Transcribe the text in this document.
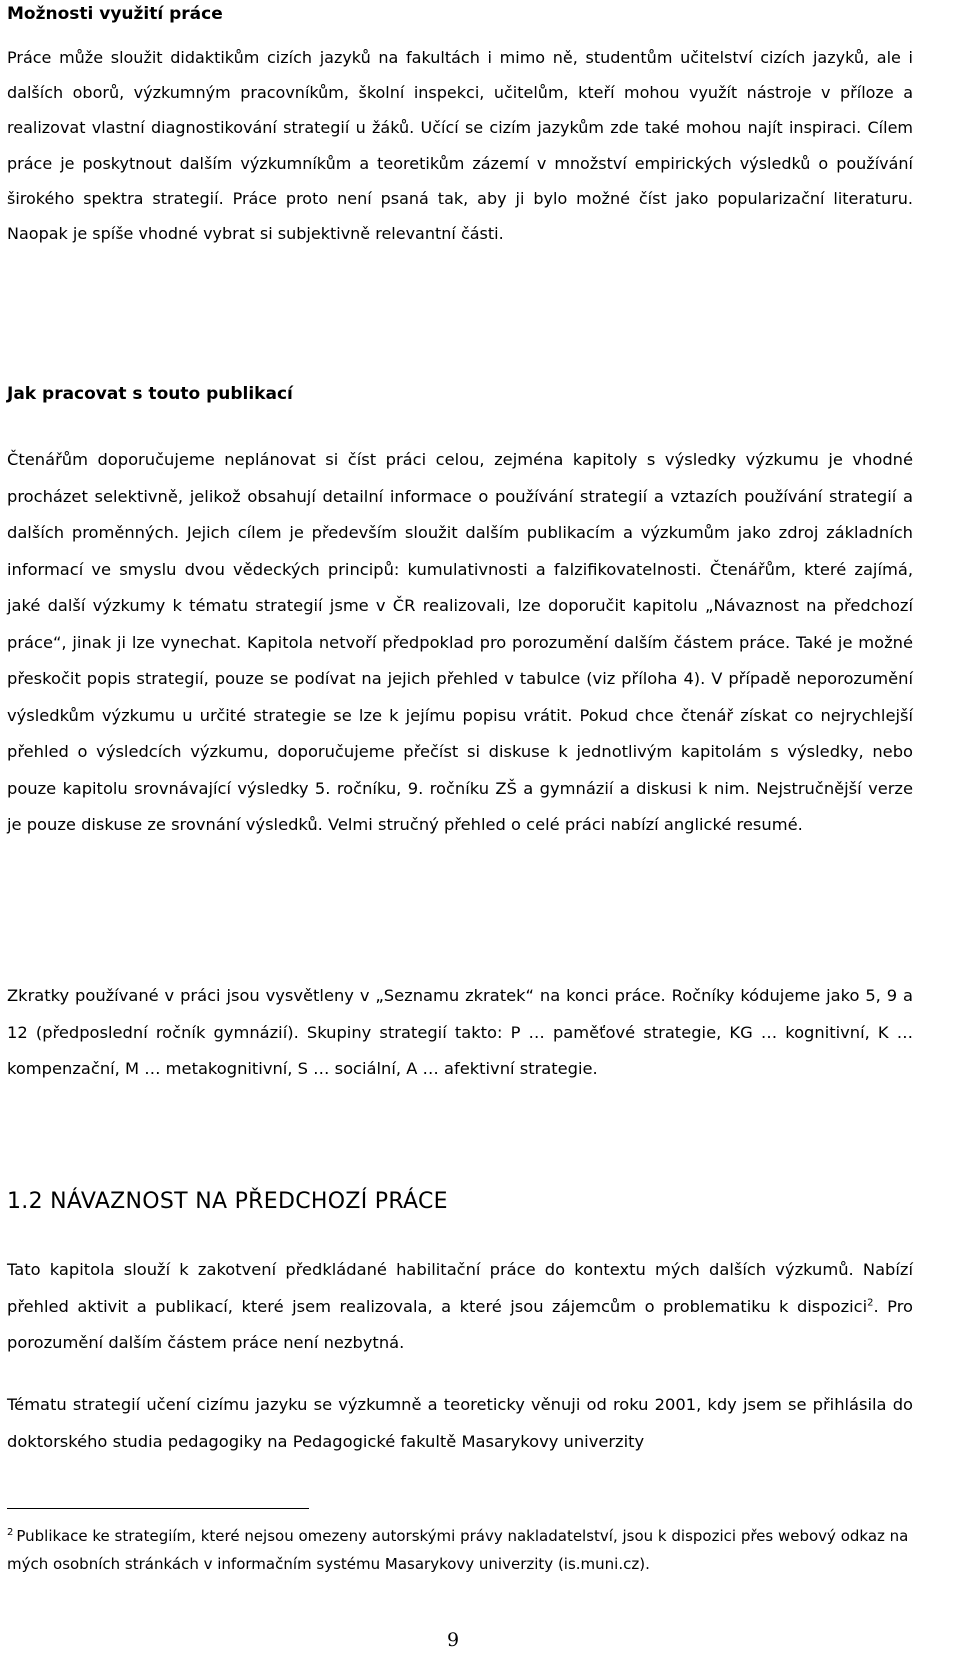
Možnosti využití práce

Práce může sloužit didaktikům cizích jazyků na fakultách i mimo ně, studentům učitelství cizích jazyků, ale i dalších oborů, výzkumným pracovníkům, školní inspekci, učitelům, kteří mohou využít nástroje v příloze a realizovat vlastní diagnostikování strategií u žáků. Učící se cizím jazykům zde také mohou najít inspiraci. Cílem práce je poskytnout dalším výzkumníkům a teoretikům zázemí v množství empirických výsledků o používání širokého spektra strategií. Práce proto není psaná tak, aby ji bylo možné číst jako popularizační literaturu. Naopak je spíše vhodné vybrat si subjektivně relevantní části.

Jak pracovat s touto publikací

Čtenářům doporučujeme neplánovat si číst práci celou, zejména kapitoly s výsledky výzkumu je vhodné procházet selektivně, jelikož obsahují detailní informace o používání strategií a vztazích používání strategií a dalších proměnných. Jejich cílem je především sloužit dalším publikacím a výzkumům jako zdroj základních informací ve smyslu dvou vědeckých principů: kumulativnosti a falzifikovatelnosti. Čtenářům, které zajímá, jaké další výzkumy k tématu strategií jsme v ČR realizovali, lze doporučit kapitolu „Návaznost na předchozí práce“, jinak ji lze vynechat. Kapitola netvoří předpoklad pro porozumění dalším částem práce. Také je možné přeskočit popis strategií, pouze se podívat na jejich přehled v tabulce (viz příloha 4). V případě neporozumění výsledkům výzkumu u určité strategie se lze k jejímu popisu vrátit. Pokud chce čtenář získat co nejrychlejší přehled o výsledcích výzkumu, doporučujeme přečíst si diskuse k jednotlivým kapitolám s výsledky, nebo pouze kapitolu srovnávající výsledky 5. ročníku, 9. ročníku ZŠ a gymnázií a diskusi k nim. Nejstručnější verze je pouze diskuse ze srovnání výsledků. Velmi stručný přehled o celé práci nabízí anglické resumé.

Zkratky používané v práci jsou vysvětleny v „Seznamu zkratek“ na konci práce. Ročníky kódujeme jako 5, 9 a 12 (předposlední ročník gymnázií). Skupiny strategií takto: P … paměťové strategie, KG … kognitivní, K … kompenzační, M … metakognitivní, S … sociální, A … afektivní strategie.

1.2 NÁVAZNOST NA PŘEDCHOZÍ PRÁCE

Tato kapitola slouží k zakotvení předkládané habilitační práce do kontextu mých dalších výzkumů. Nabízí přehled aktivit a publikací, které jsem realizovala, a které jsou zájemcům o problematiku k dispozici$^2$. Pro porozumění dalším částem práce není nezbytná.

Tématu strategií učení cizímu jazyku se výzkumně a teoreticky věnuji od roku 2001, kdy jsem se přihlásila do doktorského studia pedagogiky na Pedagogické fakultě Masarykovy univerzity

$^2$ Publikace ke strategiím, které nejsou omezeny autorskými právy nakladatelství, jsou k dispozici přes webový odkaz na mých osobních stránkách v informačním systému Masarykovy univerzity (is.muni.cz).
9
